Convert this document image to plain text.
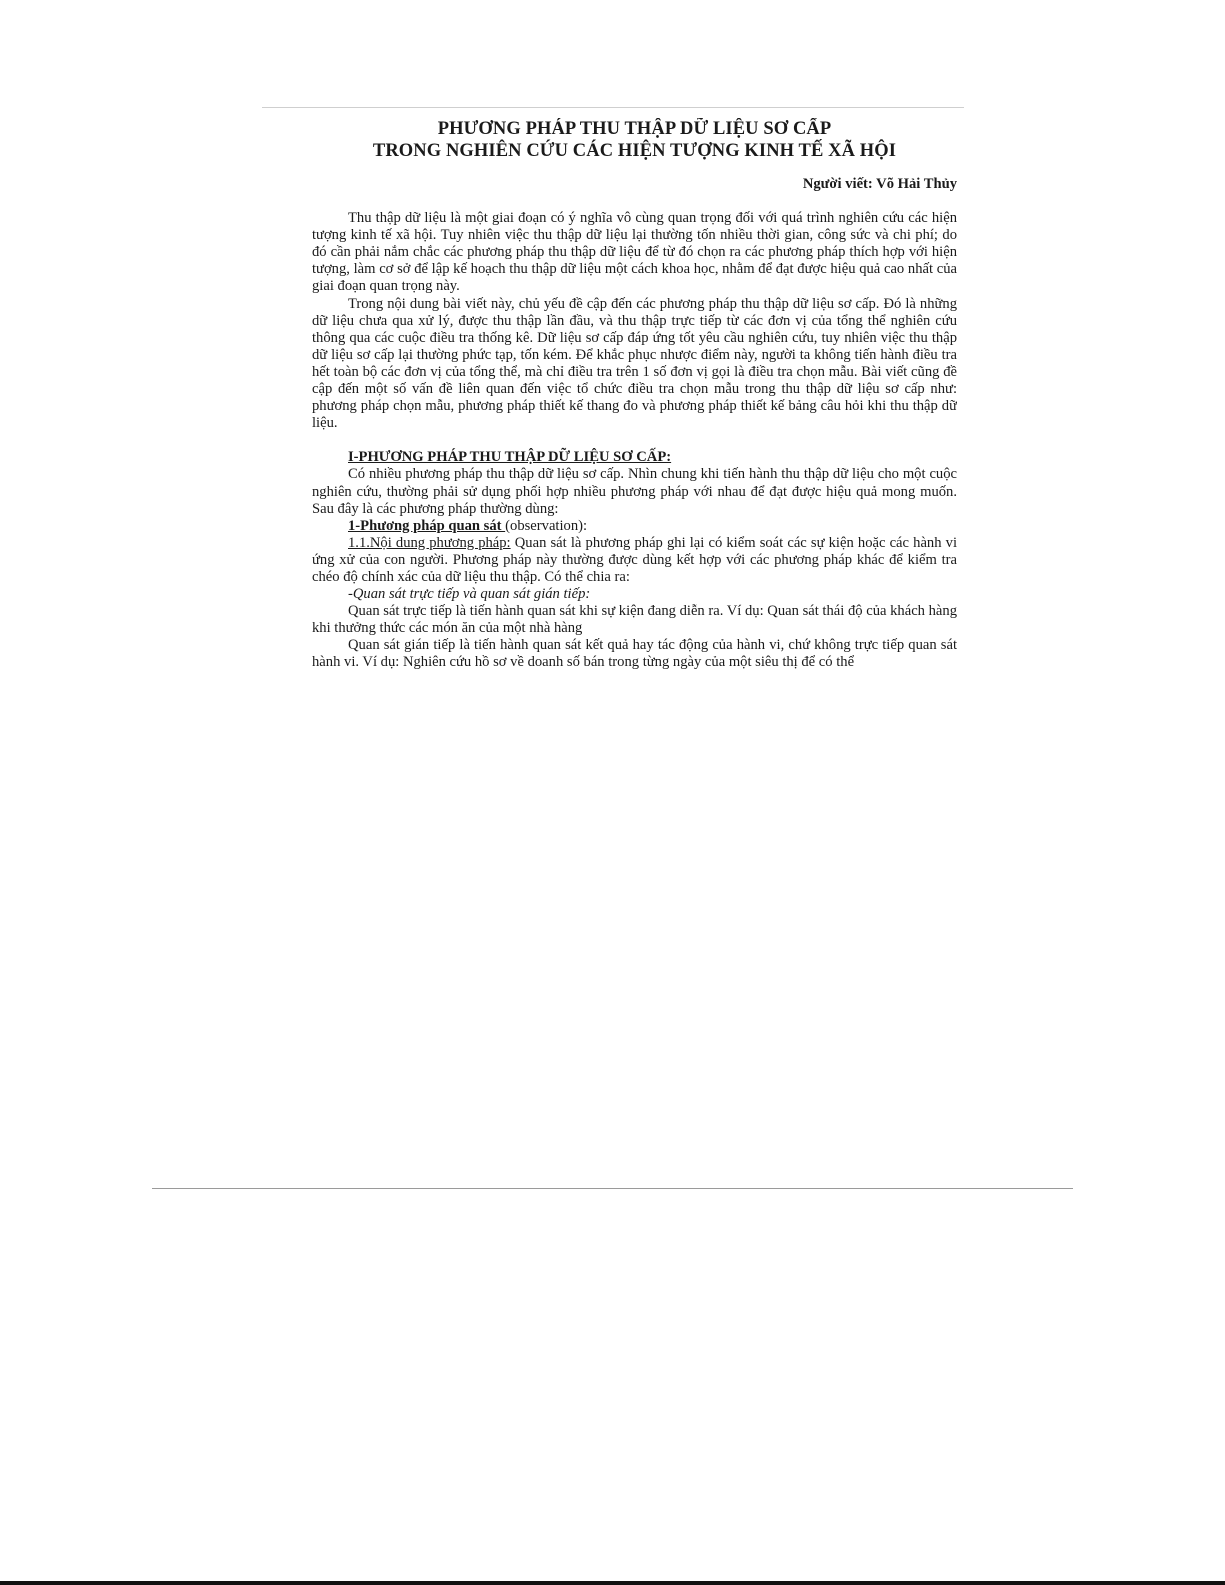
PHƯƠNG PHÁP THU THẬP DỮ LIỆU SƠ CẤP
TRONG NGHIÊN CỨU CÁC HIỆN TƯỢNG KINH TẾ XÃ HỘI
Người viết: Võ Hải Thủy

Thu thập dữ liệu là một giai đoạn có ý nghĩa vô cùng quan trọng đối với quá trình nghiên cứu các hiện tượng kinh tế xã hội. Tuy nhiên việc thu thập dữ liệu lại thường tốn nhiều thời gian, công sức và chi phí; do đó cần phải nắm chắc các phương pháp thu thập dữ liệu để từ đó chọn ra các phương pháp thích hợp với hiện tượng, làm cơ sở để lập kế hoạch thu thập dữ liệu một cách khoa học, nhằm để đạt được hiệu quả cao nhất của giai đoạn quan trọng này.

Trong nội dung bài viết này, chủ yếu đề cập đến các phương pháp thu thập dữ liệu sơ cấp. Đó là những dữ liệu chưa qua xử lý, được thu thập lần đầu, và thu thập trực tiếp từ các đơn vị của tổng thể nghiên cứu thông qua các cuộc điều tra thống kê. Dữ liệu sơ cấp đáp ứng tốt yêu cầu nghiên cứu, tuy nhiên việc thu thập dữ liệu sơ cấp lại thường phức tạp, tốn kém. Để khắc phục nhược điểm này, người ta không tiến hành điều tra hết toàn bộ các đơn vị của tổng thể, mà chỉ điều tra trên 1 số đơn vị gọi là điều tra chọn mẫu. Bài viết cũng đề cập đến một số vấn đề liên quan đến việc tổ chức điều tra chọn mẫu trong thu thập dữ liệu sơ cấp như: phương pháp chọn mẫu, phương pháp thiết kế thang đo và phương pháp thiết kế bảng câu hỏi khi thu thập dữ liệu.

I-PHƯƠNG PHÁP THU THẬP DỮ LIỆU SƠ CẤP:

Có nhiều phương pháp thu thập dữ liệu sơ cấp. Nhìn chung khi tiến hành thu thập dữ liệu cho một cuộc nghiên cứu, thường phải sử dụng phối hợp nhiều phương pháp với nhau để đạt được hiệu quả mong muốn. Sau đây là các phương pháp thường dùng:

1-Phương pháp quan sát (observation):

1.1.Nội dung phương pháp: Quan sát là phương pháp ghi lại có kiểm soát các sự kiện hoặc các hành vi ứng xử của con người. Phương pháp này thường được dùng kết hợp với các phương pháp khác để kiểm tra chéo độ chính xác của dữ liệu thu thập. Có thể chia ra:

-Quan sát trực tiếp và quan sát gián tiếp:

Quan sát trực tiếp là tiến hành quan sát khi sự kiện đang diễn ra. Ví dụ: Quan sát thái độ của khách hàng khi thưởng thức các món ăn của một nhà hàng

Quan sát gián tiếp là tiến hành quan sát kết quả hay tác động của hành vi, chứ không trực tiếp quan sát hành vi. Ví dụ: Nghiên cứu hồ sơ về doanh số bán trong từng ngày của một siêu thị để có thể
